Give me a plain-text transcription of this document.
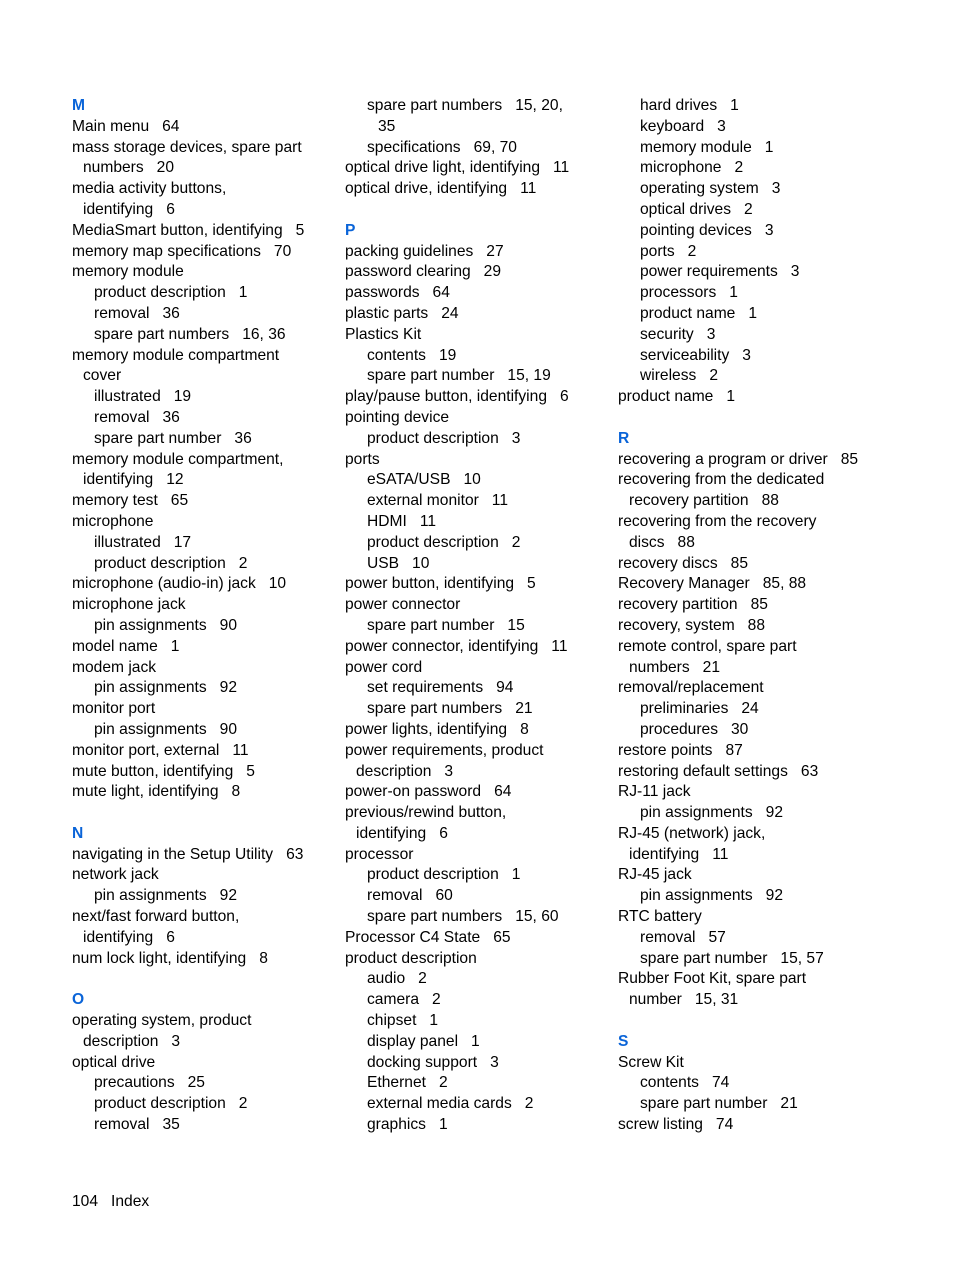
M
Main menu   64
mass storage devices, spare part
numbers   20
media activity buttons,
identifying   6
MediaSmart button, identifying   5
memory map specifications   70
memory module
product description   1
removal   36
spare part numbers   16, 36
memory module compartment
cover
illustrated   19
removal   36
spare part number   36
memory module compartment,
identifying   12
memory test   65
microphone
illustrated   17
product description   2
microphone (audio-in) jack   10
microphone jack
pin assignments   90
model name   1
modem jack
pin assignments   92
monitor port
pin assignments   90
monitor port, external   11
mute button, identifying   5
mute light, identifying   8
N
navigating in the Setup Utility   63
network jack
pin assignments   92
next/fast forward button,
identifying   6
num lock light, identifying   8
O
operating system, product
description   3
optical drive
precautions   25
product description   2
removal   35
spare part numbers   15, 20,
35
specifications   69, 70
optical drive light, identifying   11
optical drive, identifying   11
P
packing guidelines   27
password clearing   29
passwords   64
plastic parts   24
Plastics Kit
contents   19
spare part number   15, 19
play/pause button, identifying   6
pointing device
product description   3
ports
eSATA/USB   10
external monitor   11
HDMI   11
product description   2
USB   10
power button, identifying   5
power connector
spare part number   15
power connector, identifying   11
power cord
set requirements   94
spare part numbers   21
power lights, identifying   8
power requirements, product
description   3
power-on password   64
previous/rewind button,
identifying   6
processor
product description   1
removal   60
spare part numbers   15, 60
Processor C4 State   65
product description
audio   2
camera   2
chipset   1
display panel   1
docking support   3
Ethernet   2
external media cards   2
graphics   1
hard drives   1
keyboard   3
memory module   1
microphone   2
operating system   3
optical drives   2
pointing devices   3
ports   2
power requirements   3
processors   1
product name   1
security   3
serviceability   3
wireless   2
product name   1
R
recovering a program or driver   85
recovering from the dedicated
recovery partition   88
recovering from the recovery
discs   88
recovery discs   85
Recovery Manager   85, 88
recovery partition   85
recovery, system   88
remote control, spare part
numbers   21
removal/replacement
preliminaries   24
procedures   30
restore points   87
restoring default settings   63
RJ-11 jack
pin assignments   92
RJ-45 (network) jack,
identifying   11
RJ-45 jack
pin assignments   92
RTC battery
removal   57
spare part number   15, 57
Rubber Foot Kit, spare part
number   15, 31
S
Screw Kit
contents   74
spare part number   21
screw listing   74
104 Index
